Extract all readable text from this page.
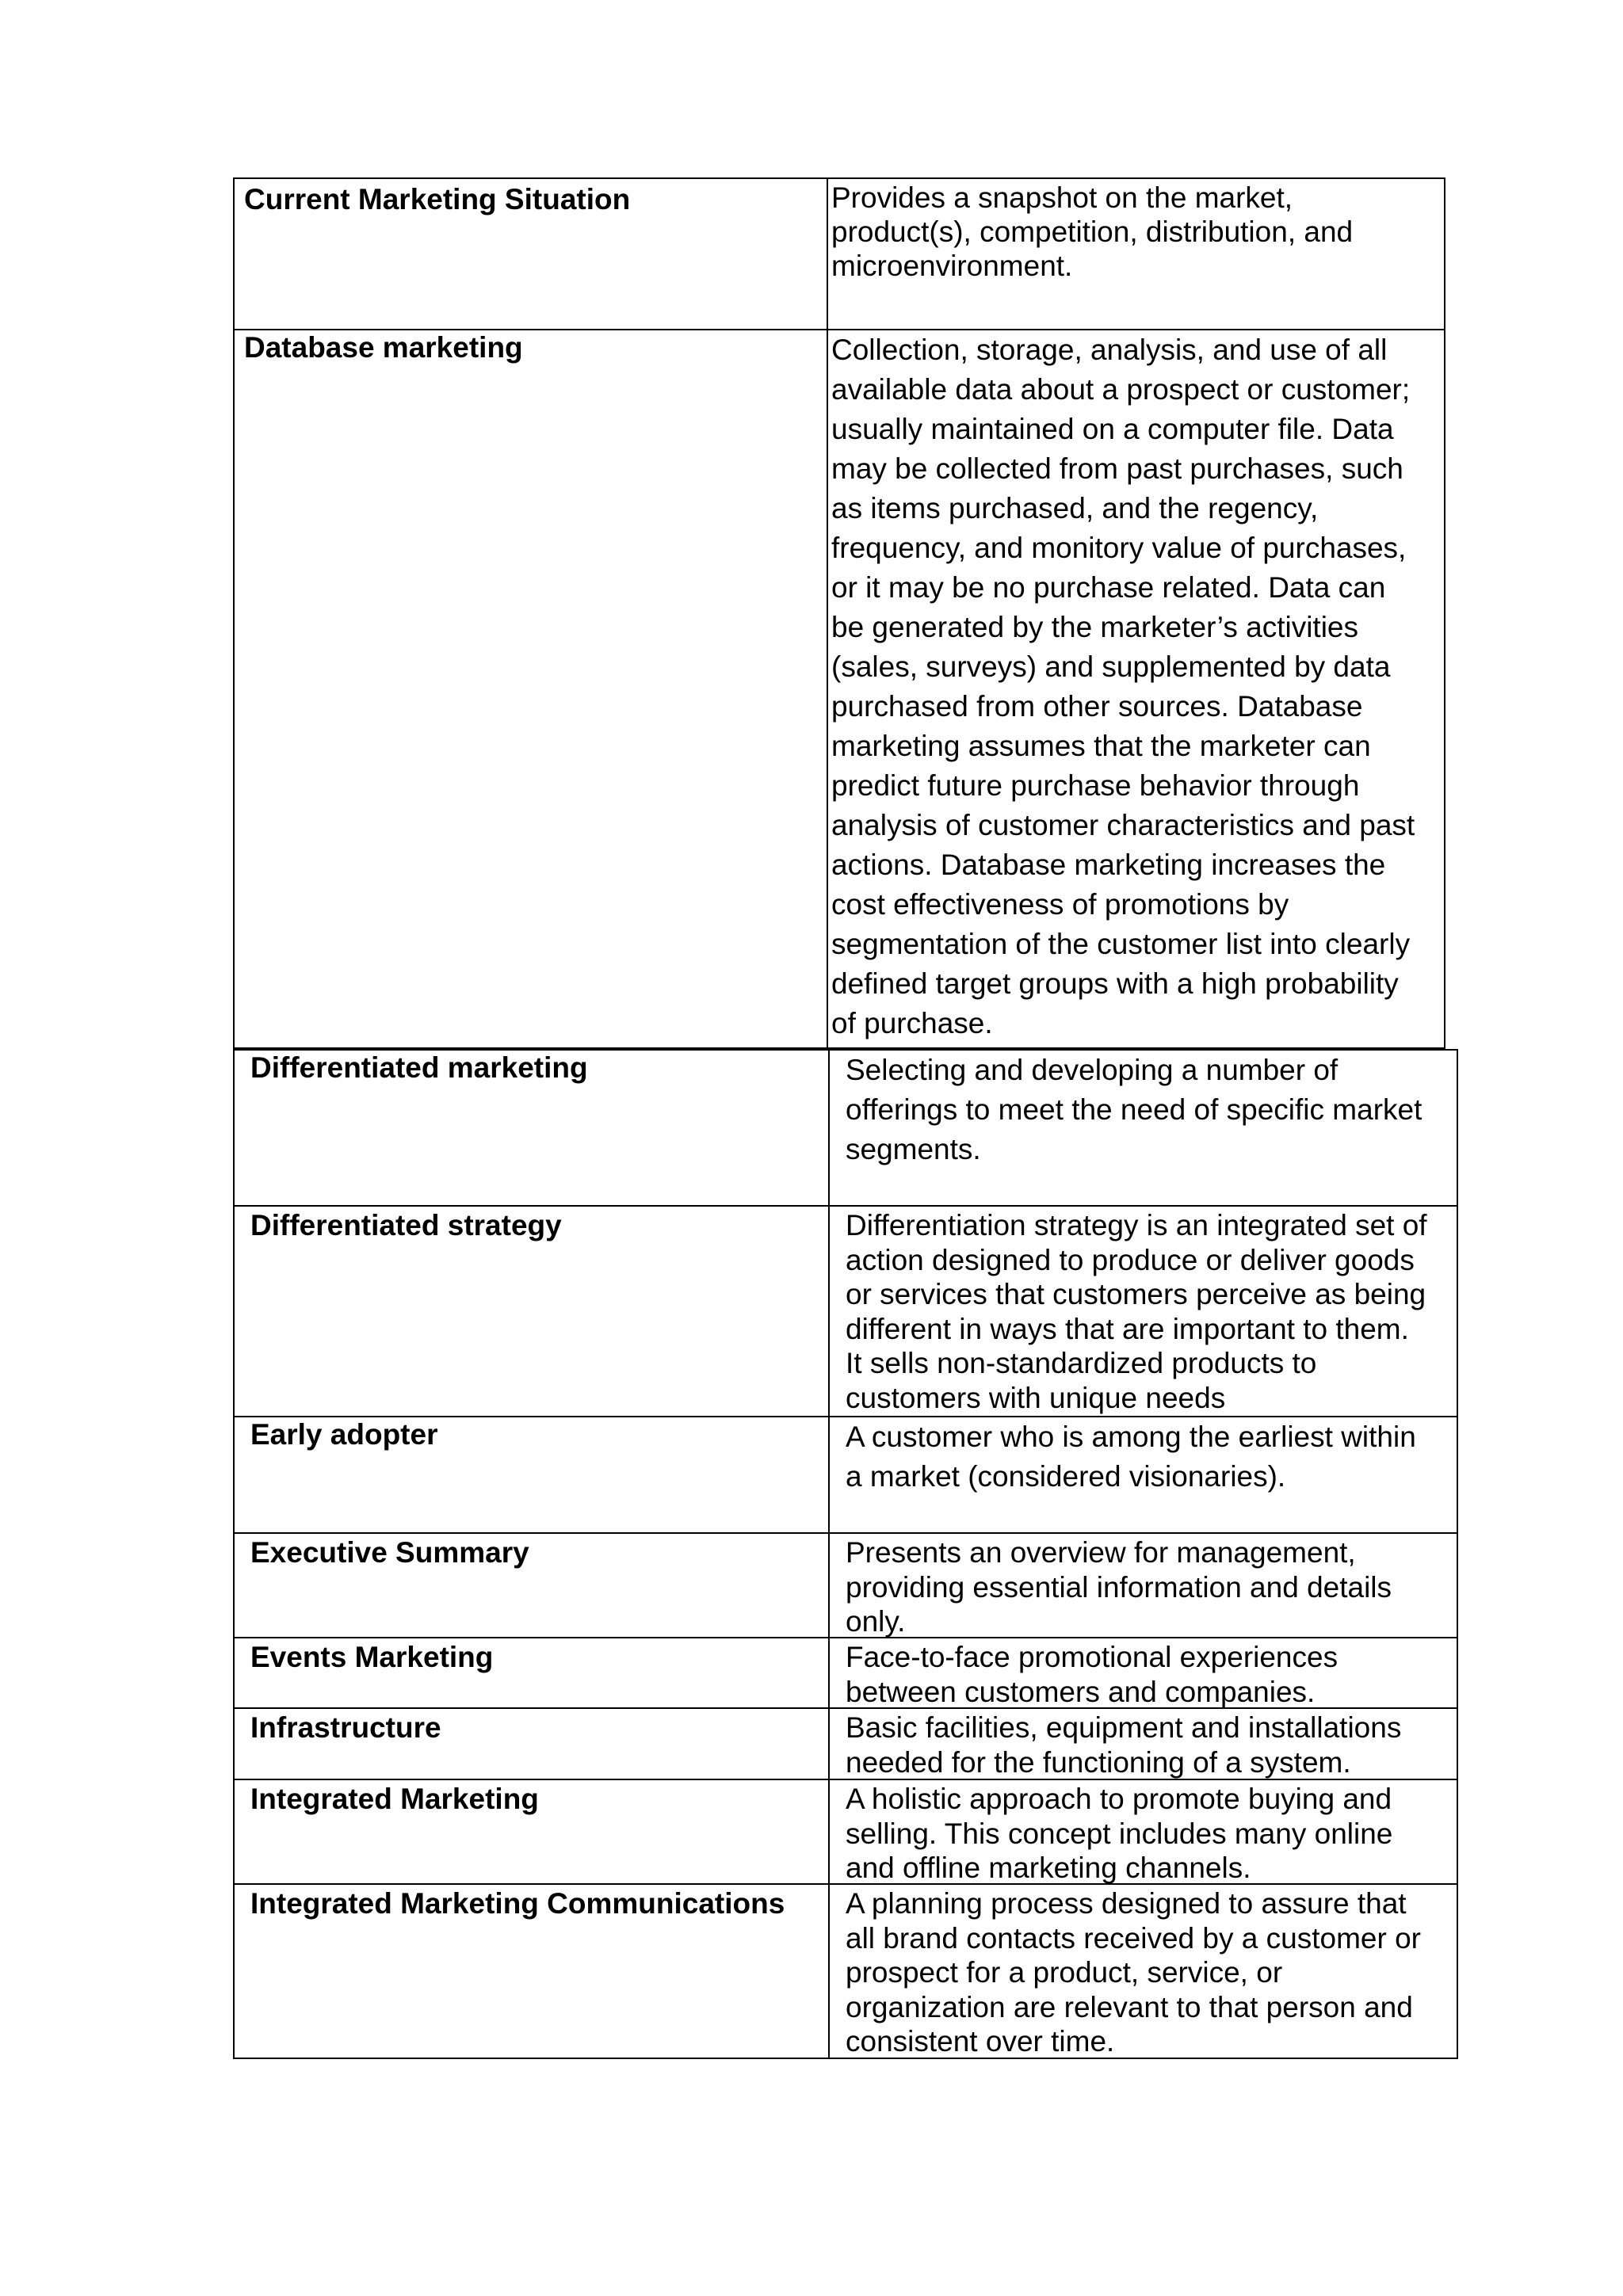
Current Marketing Situation	Provides a snapshot on the market,
product(s), competition, distribution, and
microenvironment.
Database marketing	Collection, storage, analysis, and use of all
available data about a prospect or customer;
usually maintained on a computer file. Data
may be collected from past purchases, such
as items purchased, and the regency,
frequency, and monitory value of purchases,
or it may be no purchase related. Data can
be generated by the marketer’s activities
(sales, surveys) and supplemented by data
purchased from other sources. Database
marketing assumes that the marketer can
predict future purchase behavior through
analysis of customer characteristics and past
actions. Database marketing increases the
cost effectiveness of promotions by
segmentation of the customer list into clearly
defined target groups with a high probability
of purchase.
Differentiated marketing	Selecting and developing a number of
offerings to meet the need of specific market
segments.
Differentiated strategy	Differentiation strategy is an integrated set of
action designed to produce or deliver goods
or services that customers perceive as being
different in ways that are important to them.
It sells non-standardized products to
customers with unique needs
Early adopter	A customer who is among the earliest within
a market (considered visionaries).
Executive Summary	Presents an overview for management,
providing essential information and details
only.
Events Marketing	Face-to-face promotional experiences
between customers and companies.
Infrastructure	Basic facilities, equipment and installations
needed for the functioning of a system.
Integrated Marketing	A holistic approach to promote buying and
selling. This concept includes many online
and offline marketing channels.
Integrated Marketing Communications	A planning process designed to assure that
all brand contacts received by a customer or
prospect for a product, service, or
organization are relevant to that person and
consistent over time.
